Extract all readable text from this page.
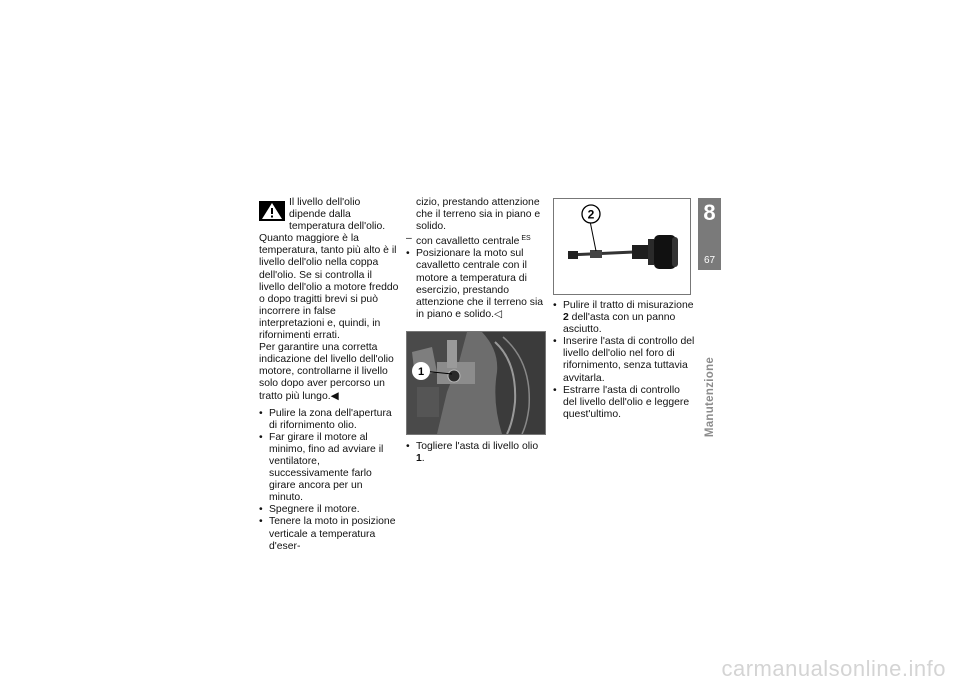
Il livello dell'olio dipende dalla temperatura dell'olio.

Quanto maggiore è la temperatura, tanto più alto è il livello dell'olio nella coppa dell'olio. Se si controlla il livello dell'olio a motore freddo o dopo tragitti brevi si può incorrere in false interpretazioni e, quindi, in rifornimenti errati.

Per garantire una corretta indicazione del livello dell'olio motore, controllarne il livello solo dopo aver percorso un tratto più lungo.◀

• Pulire la zona dell'apertura di rifornimento olio.
• Far girare il motore al minimo, fino ad avviare il ventilatore, successivamente farlo girare ancora per un minuto.
• Spegnere il motore.
• Tenere la moto in posizione verticale a temperatura d'eser-

cizio, prestando attenzione che il terreno sia in piano e solido.

– con cavalletto centrale $^{ES}$

• Posizionare la moto sul cavalletto centrale con il motore a temperatura di esercizio, prestando attenzione che il terreno sia in piano e solido.◁
1
• Togliere l'asta di livello olio 1.
2
• Pulire il tratto di misurazione 2 dell'asta con un panno asciutto.
• Inserire l'asta di controllo del livello dell'olio nel foro di rifornimento, senza tuttavia avvitarla.
• Estrarre l'asta di controllo del livello dell'olio e leggere quest'ultimo.
8
67
Manutenzione
carmanualsonline.info
